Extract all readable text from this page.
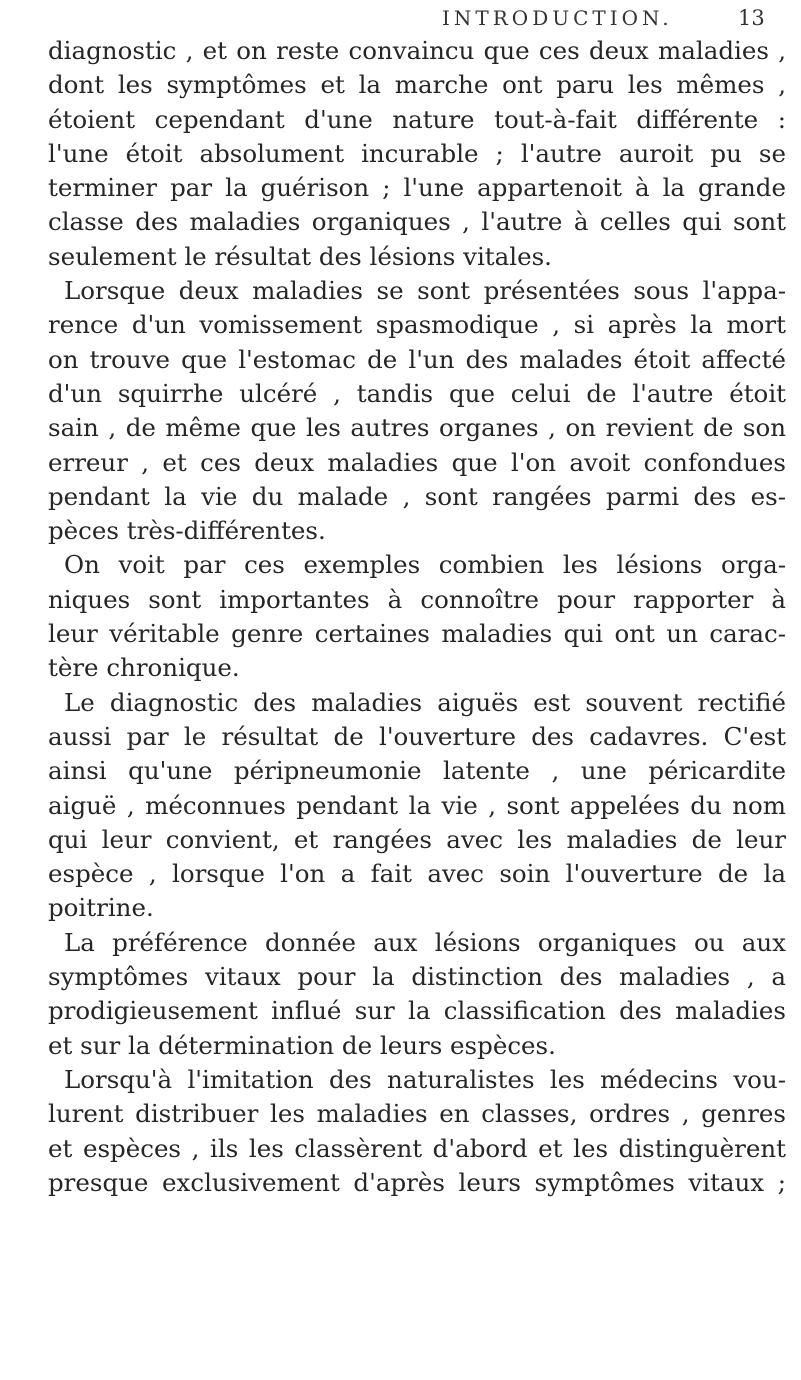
INTRODUCTION.	13
diagnostic , et on reste convaincu que ces deux maladies ,
dont les symptômes et la marche ont paru les mêmes ,
étoient cependant d'une nature tout-à-fait différente :
l'une étoit absolument incurable ; l'autre auroit pu se
terminer par la guérison ; l'une appartenoit à la grande
classe des maladies organiques , l'autre à celles qui sont
seulement le résultat des lésions vitales.
Lorsque deux maladies se sont présentées sous l'appa-
rence d'un vomissement spasmodique , si après la mort
on trouve que l'estomac de l'un des malades étoit affecté
d'un squirrhe ulcéré , tandis que celui de l'autre étoit
sain , de même que les autres organes , on revient de son
erreur , et ces deux maladies que l'on avoit confondues
pendant la vie du malade , sont rangées parmi des es-
pèces très-différentes.
On voit par ces exemples combien les lésions orga-
niques sont importantes à connoître pour rapporter à
leur véritable genre certaines maladies qui ont un carac-
tère chronique.
Le diagnostic des maladies aiguës est souvent rectifié
aussi par le résultat de l'ouverture des cadavres. C'est
ainsi qu'une péripneumonie latente , une péricardite
aiguë , méconnues pendant la vie , sont appelées du nom
qui leur convient, et rangées avec les maladies de leur
espèce , lorsque l'on a fait avec soin l'ouverture de la
poitrine.
La préférence donnée aux lésions organiques ou aux
symptômes vitaux pour la distinction des maladies , a
prodigieusement influé sur la classification des maladies
et sur la détermination de leurs espèces.
Lorsqu'à l'imitation des naturalistes les médecins vou-
lurent distribuer les maladies en classes, ordres , genres
et espèces , ils les classèrent d'abord et les distinguèrent
presque exclusivement d'après leurs symptômes vitaux ;
